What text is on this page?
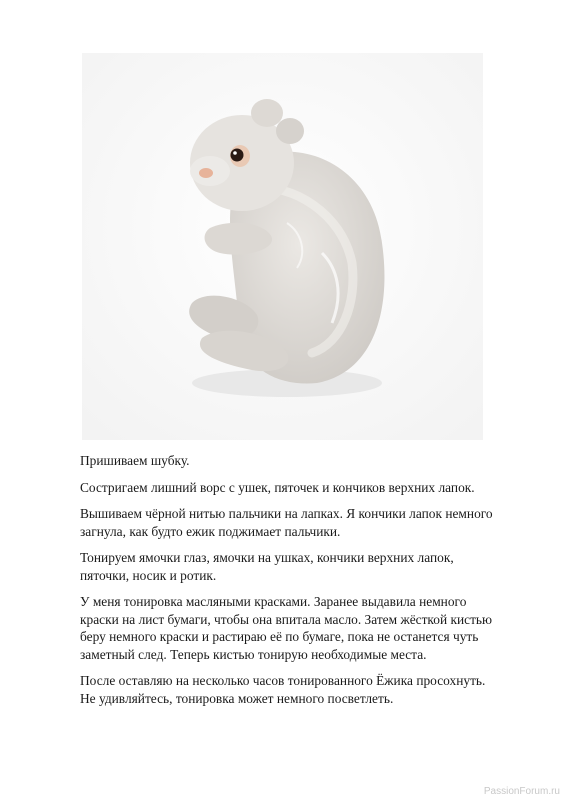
Пришиваем шубку.

Состригаем лишний ворс с ушек, пяточек и кончиков верхних лапок.

Вышиваем чёрной нитью пальчики на лапках. Я кончики лапок немного
загнула, как будто ежик поджимает пальчики.

Тонируем ямочки глаз, ямочки на ушках, кончики верхних лапок,
пяточки, носик и ротик.

У меня тонировка масляными красками. Заранее выдавила немного
краски на лист бумаги, чтобы она впитала масло. Затем жёсткой кистью
беру немного краски и растираю её по бумаге, пока не останется чуть
заметный след. Теперь кистью тонирую необходимые места.

После оставляю на несколько часов тонированного Ёжика просохнуть.
Не удивляйтесь, тонировка может немного посветлеть.

PassionForum.ru
